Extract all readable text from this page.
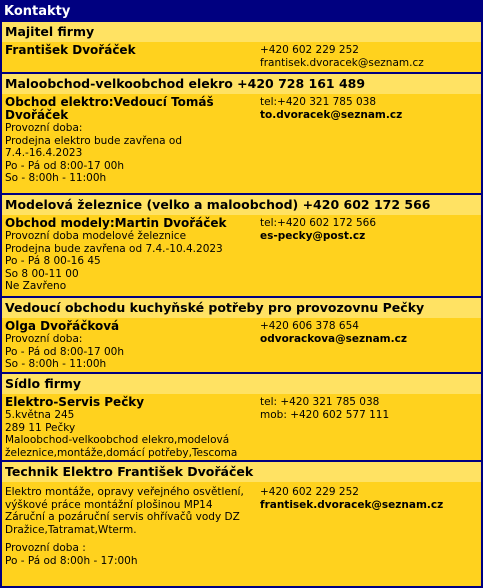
Kontakty
Majitel firmy
František Dvořáček	+420 602 229 252
frantisek.dvoracek@seznam.cz
Maloobchod-velkoobchod elekro +420 728 161 489
Obchod elektro:Vedoucí Tomáš Dvořáček
Provozní doba:
Prodejna elektro bude zavřena od 7.4.-16.4.2023
Po - Pá od 8:00-17 00h
So - 8:00h - 11:00h
tel:+420 321 785 038
to.dvoracek@seznam.cz
Modelová železnice (velko a maloobchod) +420 602 172 566
Obchod modely:Martin Dvořáček
Provozní doba modelové železnice
Prodejna bude zavřena od 7.4.-10.4.2023
Po - Pá 8 00-16 45
So 8 00-11 00
Ne Zavřeno
tel:+420 602 172 566
es-pecky@post.cz
Vedoucí obchodu kuchyňské potřeby pro provozovnu Pečky
Olga Dvořáčková
Provozní doba:
Po - Pá od 8:00-17 00h
So - 8:00h - 11:00h
+420 606 378 654
odvorackova@seznam.cz
Sídlo firmy
Elektro-Servis Pečky
5.května 245
289 11 Pečky
Maloobchod-velkoobchod elekro,modelová železnice,montáže,domácí potřeby,Tescoma
tel: +420 321 785 038
mob: +420 602 577 111
Technik Elektro František Dvořáček
Elektro montáže, opravy veřejného osvětlení,
výškové práce montážní plošinou MP14
Záruční a pozáruční servis ohřívačů vody DZ Dražice,Tatramat,Wterm.
Provozní doba :
Po - Pá od 8:00h - 17:00h
+420 602 229 252
frantisek.dvoracek@seznam.cz
